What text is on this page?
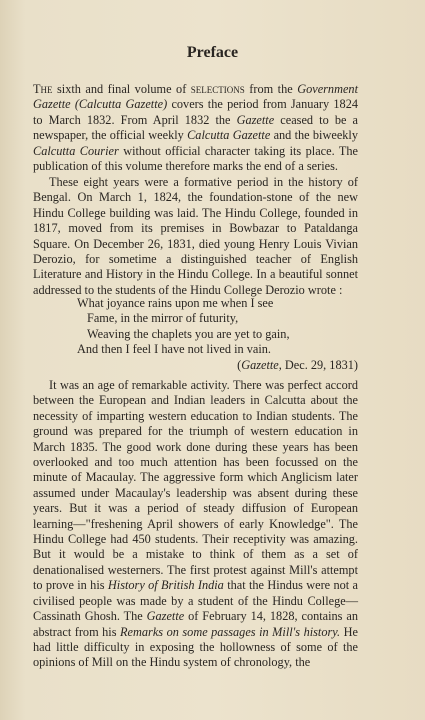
Preface

The sixth and final volume of selections from the Government Gazette (Calcutta Gazette) covers the period from January 1824 to March 1832. From April 1832 the Gazette ceased to be a newspaper, the official weekly Calcutta Gazette and the biweekly Calcutta Courier without official character taking its place. The publication of this volume therefore marks the end of a series.

These eight years were a formative period in the history of Bengal. On March 1, 1824, the foundation-stone of the new Hindu College building was laid. The Hindu College, founded in 1817, moved from its premises in Bowbazar to Pataldanga Square. On December 26, 1831, died young Henry Louis Vivian Derozio, for sometime a distinguished teacher of English Literature and History in the Hindu College. In a beautiful sonnet addressed to the students of the Hindu College Derozio wrote :

What joyance rains upon me when I see
Fame, in the mirror of futurity,
Weaving the chaplets you are yet to gain,
And then I feel I have not lived in vain.
(Gazette, Dec. 29, 1831)

It was an age of remarkable activity. There was perfect accord between the European and Indian leaders in Calcutta about the necessity of imparting western education to Indian students. The ground was prepared for the triumph of western education in March 1835. The good work done during these years has been overlooked and too much attention has been focussed on the minute of Macaulay. The aggressive form which Anglicism later assumed under Macaulay's leadership was absent during these years. But it was a period of steady diffusion of European learning—"freshening April showers of early Knowledge". The Hindu College had 450 students. Their receptivity was amazing. But it would be a mistake to think of them as a set of denationalised westerners. The first protest against Mill's attempt to prove in his History of British India that the Hindus were not a civilised people was made by a student of the Hindu College—Cassinath Ghosh. The Gazette of February 14, 1828, contains an abstract from his Remarks on some passages in Mill's history. He had little difficulty in exposing the hollowness of some of the opinions of Mill on the Hindu system of chronology, the
